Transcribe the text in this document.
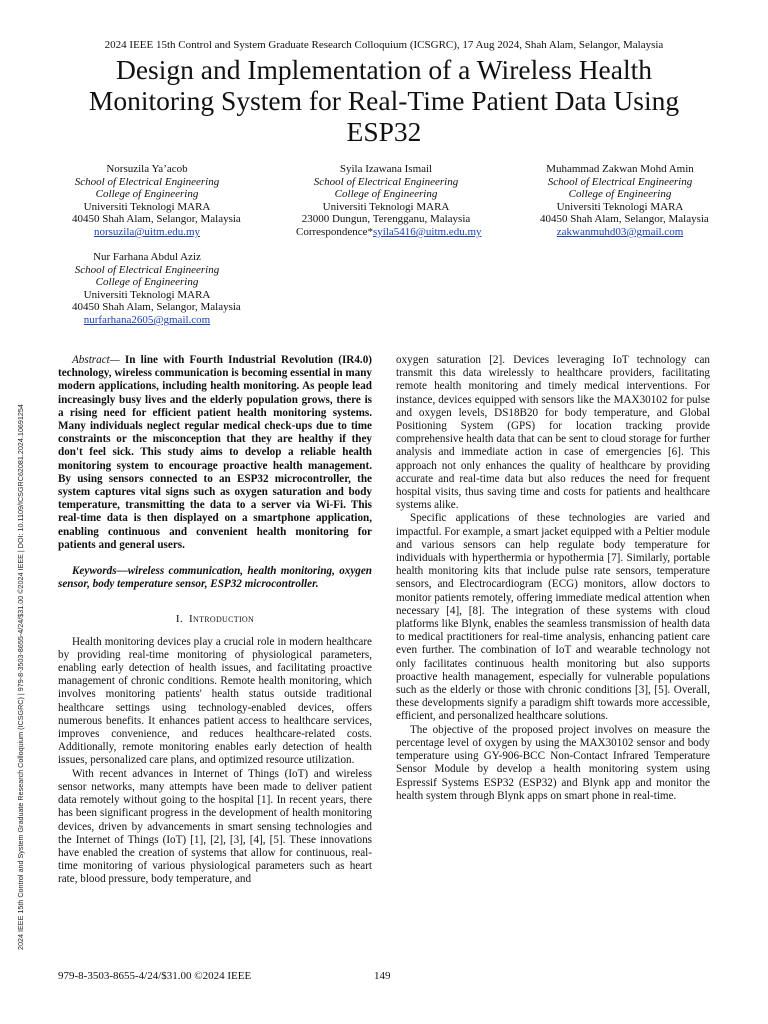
2024 IEEE 15th Control and System Graduate Research Colloquium (ICSGRC), 17 Aug 2024, Shah Alam, Selangor, Malaysia
Design and Implementation of a Wireless Health Monitoring System for Real-Time Patient Data Using ESP32
Norsuzila Ya’acob
School of Electrical Engineering
College of Engineering
Universiti Teknologi MARA
40450 Shah Alam, Selangor, Malaysia
norsuzila@uitm.edu.my
Syila Izawana Ismail
School of Electrical Engineering
College of Engineering
Universiti Teknologi MARA
23000 Dungun, Terengganu, Malaysia
Correspondence*syila5416@uitm.edu.my
Muhammad Zakwan Mohd Amin
School of Electrical Engineering
College of Engineering
Universiti Teknologi MARA
40450 Shah Alam, Selangor, Malaysia
zakwanmuhd03@gmail.com
Nur Farhana Abdul Aziz
School of Electrical Engineering
College of Engineering
Universiti Teknologi MARA
40450 Shah Alam, Selangor, Malaysia
nurfarhana2605@gmail.com
2024 IEEE 15th Control and System Graduate Research Colloquium (ICSGRC) | 979-8-3503-8655-4/24/$31.00 ©2024 IEEE | DOI: 10.1109/ICSGRC62081.2024.10691254

Abstract— In line with Fourth Industrial Revolution (IR4.0) technology, wireless communication is becoming essential in many modern applications, including health monitoring. As people lead increasingly busy lives and the elderly population grows, there is a rising need for efficient patient health monitoring systems. Many individuals neglect regular medical check-ups due to time constraints or the misconception that they are healthy if they don't feel sick. This study aims to develop a reliable health monitoring system to encourage proactive health management. By using sensors connected to an ESP32 microcontroller, the system captures vital signs such as oxygen saturation and body temperature, transmitting the data to a server via Wi-Fi. This real-time data is then displayed on a smartphone application, enabling continuous and convenient health monitoring for patients and general users.

Keywords—wireless communication, health monitoring, oxygen sensor, body temperature sensor, ESP32 microcontroller.

I. Introduction

Health monitoring devices play a crucial role in modern healthcare by providing real-time monitoring of physiological parameters, enabling early detection of health issues, and facilitating proactive management of chronic conditions. Remote health monitoring, which involves monitoring patients' health status outside traditional healthcare settings using technology-enabled devices, offers numerous benefits. It enhances patient access to healthcare services, improves convenience, and reduces healthcare-related costs. Additionally, remote monitoring enables early detection of health issues, personalized care plans, and optimized resource utilization.

With recent advances in Internet of Things (IoT) and wireless sensor networks, many attempts have been made to deliver patient data remotely without going to the hospital [1]. In recent years, there has been significant progress in the development of health monitoring devices, driven by advancements in smart sensing technologies and the Internet of Things (IoT) [1], [2], [3], [4], [5]. These innovations have enabled the creation of systems that allow for continuous, real-time monitoring of various physiological parameters such as heart rate, blood pressure, body temperature, and

oxygen saturation [2]. Devices leveraging IoT technology can transmit this data wirelessly to healthcare providers, facilitating remote health monitoring and timely medical interventions. For instance, devices equipped with sensors like the MAX30102 for pulse and oxygen levels, DS18B20 for body temperature, and Global Positioning System (GPS) for location tracking provide comprehensive health data that can be sent to cloud storage for further analysis and immediate action in case of emergencies [6]. This approach not only enhances the quality of healthcare by providing accurate and real-time data but also reduces the need for frequent hospital visits, thus saving time and costs for patients and healthcare systems alike.

Specific applications of these technologies are varied and impactful. For example, a smart jacket equipped with a Peltier module and various sensors can help regulate body temperature for individuals with hyperthermia or hypothermia [7]. Similarly, portable health monitoring kits that include pulse rate sensors, temperature sensors, and Electrocardiogram (ECG) monitors, allow doctors to monitor patients remotely, offering immediate medical attention when necessary [4], [8]. The integration of these systems with cloud platforms like Blynk, enables the seamless transmission of health data to medical practitioners for real-time analysis, enhancing patient care even further. The combination of IoT and wearable technology not only facilitates continuous health monitoring but also supports proactive health management, especially for vulnerable populations such as the elderly or those with chronic conditions [3], [5]. Overall, these developments signify a paradigm shift towards more accessible, efficient, and personalized healthcare solutions.

The objective of the proposed project involves on measure the percentage level of oxygen by using the MAX30102 sensor and body temperature using GY-906-BCC Non-Contact Infrared Temperature Sensor Module by develop a health monitoring system using Espressif Systems ESP32 (ESP32) and Blynk app and monitor the health system through Blynk apps on smart phone in real-time.

979-8-3503-8655-4/24/$31.00 ©2024 IEEE	149
